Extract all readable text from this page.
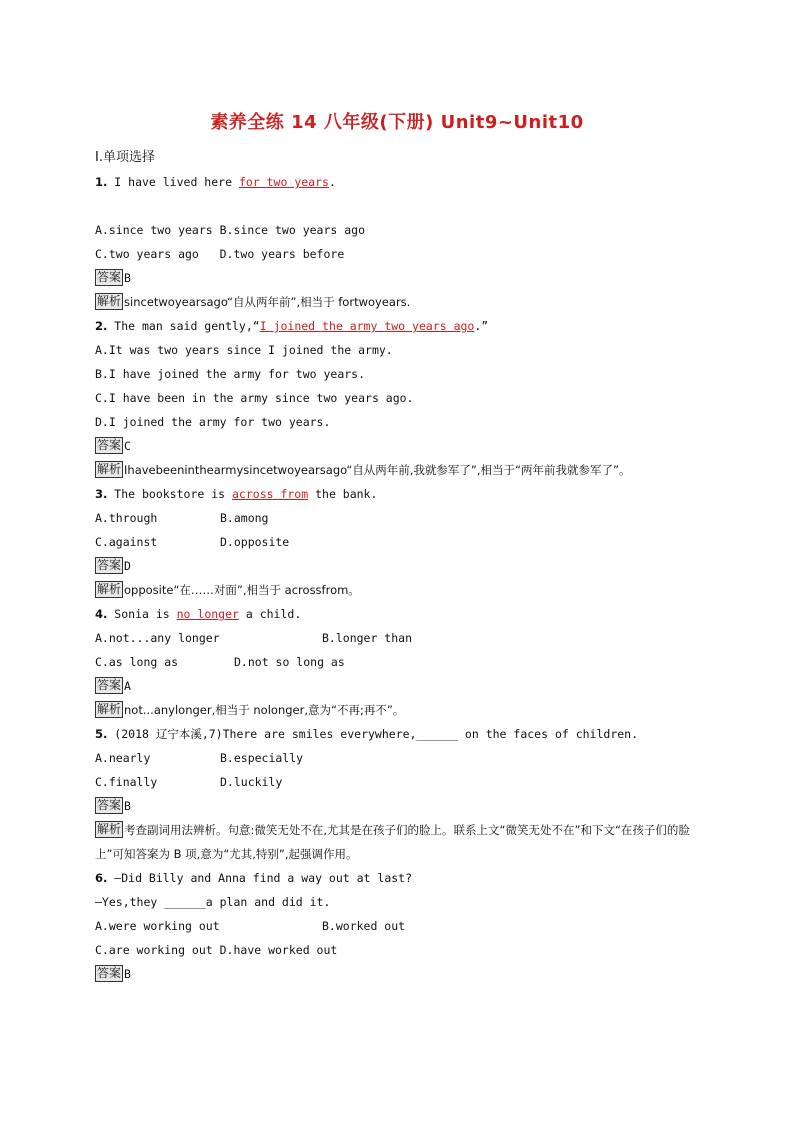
素养全练 14 八年级(下册) Unit9~Unit10
Ⅰ.单项选择
1. I have lived here for two years.
A.since two years B.since two years ago
C.two years ago   D.two years before
答案 B
解析 sincetwoyearsago“自从两年前”,相当于 fortwoyears.
2. The man said gently,“I joined the army two years ago.”
A.It was two years since I joined the army.
B.I have joined the army for two years.
C.I have been in the army since two years ago.
D.I joined the army for two years.
答案 C
解析 Ihavebeeninthearmysincetwoyearsago“自从两年前,我就参军了”,相当于“两年前我就参军了”。
3. The bookstore is across from the bank.
A.through	B.among
C.against	D.opposite
答案 D
解析 opposite“在……对面”,相当于 acrossfrom。
4. Sonia is no longer a child.
A.not...any longer	B.longer than
C.as long as	D.not so long as
答案 A
解析 not...anylonger,相当于 nolonger,意为“不再;再不”。
5. (2018 辽宁本溪,7)There are smiles everywhere,______ on the faces of children.
A.nearly	B.especially
C.finally	D.luckily
答案 B
解析 考查副词用法辨析。句意:微笑无处不在,尤其是在孩子们的脸上。联系上文“微笑无处不在”和下文“在孩子们的脸上”可知答案为 B 项,意为“尤其,特别”,起强调作用。
6. —Did Billy and Anna find a way out at last?
—Yes,they ______a plan and did it.
A.were working out	B.worked out
C.are working out D.have worked out
答案 B
